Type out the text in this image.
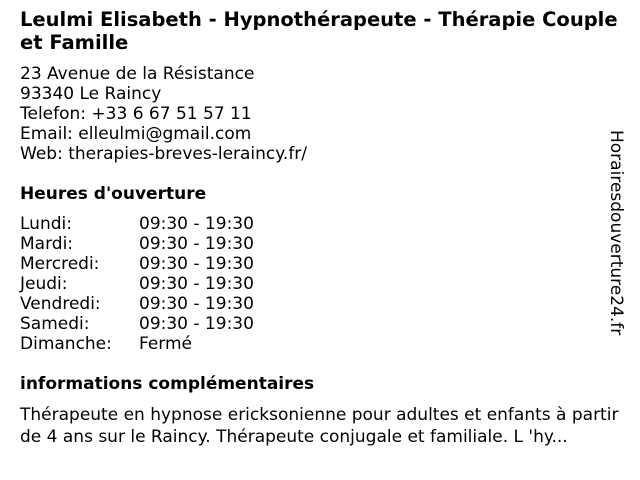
Leulmi Elisabeth - Hypnothérapeute - Thérapie Couple et Famille
23 Avenue de la Résistance
93340 Le Raincy
Telefon: +33 6 67 51 57 11
Email: elleulmi@gmail.com
Web: therapies-breves-leraincy.fr/
Heures d'ouverture
Lundi:	09:30 - 19:30
Mardi:	09:30 - 19:30
Mercredi:	09:30 - 19:30
Jeudi:	09:30 - 19:30
Vendredi:	09:30 - 19:30
Samedi:	09:30 - 19:30
Dimanche:	Fermé
informations complémentaires
Thérapeute en hypnose ericksonienne pour adultes et enfants à partir de 4 ans sur le Raincy. Thérapeute conjugale et familiale. L 'hy...
Horairesdouverture24.fr
